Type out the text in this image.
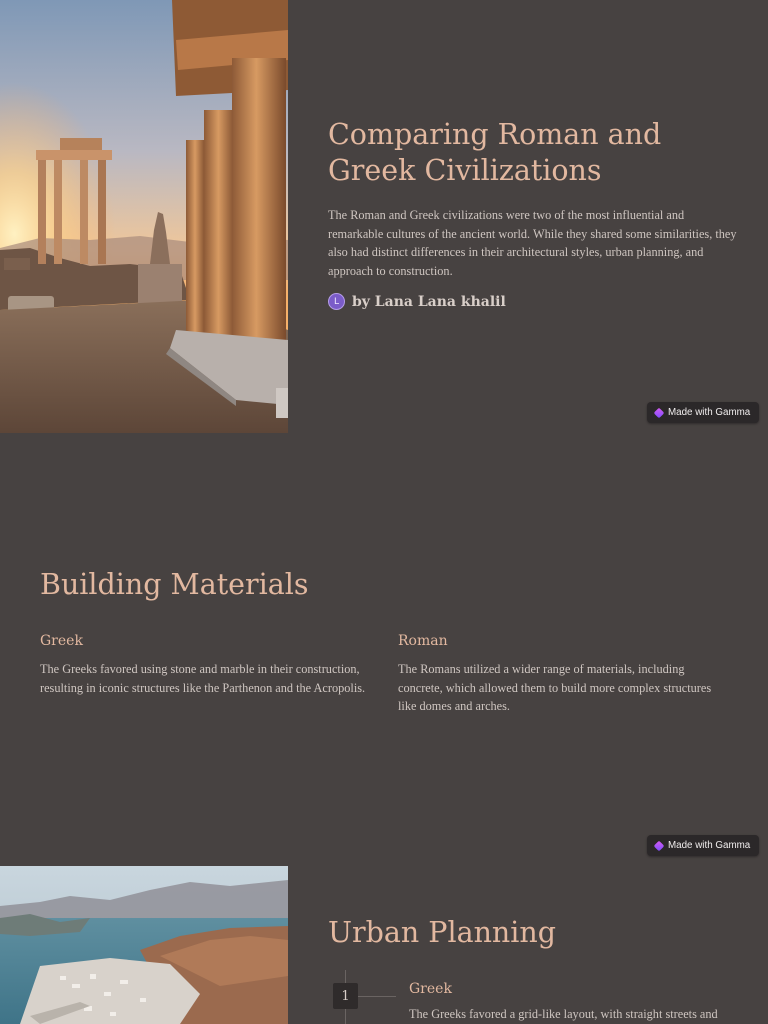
Comparing Roman and Greek Civilizations

The Roman and Greek civilizations were two of the most influential and remarkable cultures of the ancient world. While they shared some similarities, they also had distinct differences in their architectural styles, urban planning, and approach to construction.

L by Lana Lana khalil
Made with Gamma
Building Materials
Greek

The Greeks favored using stone and marble in their construction, resulting in iconic structures like the Parthenon and the Acropolis.

Roman

The Romans utilized a wider range of materials, including concrete, which allowed them to build more complex structures like domes and arches.

Made with Gamma
Urban Planning
1	Greek

The Greeks favored a grid-like layout, with straight streets and
